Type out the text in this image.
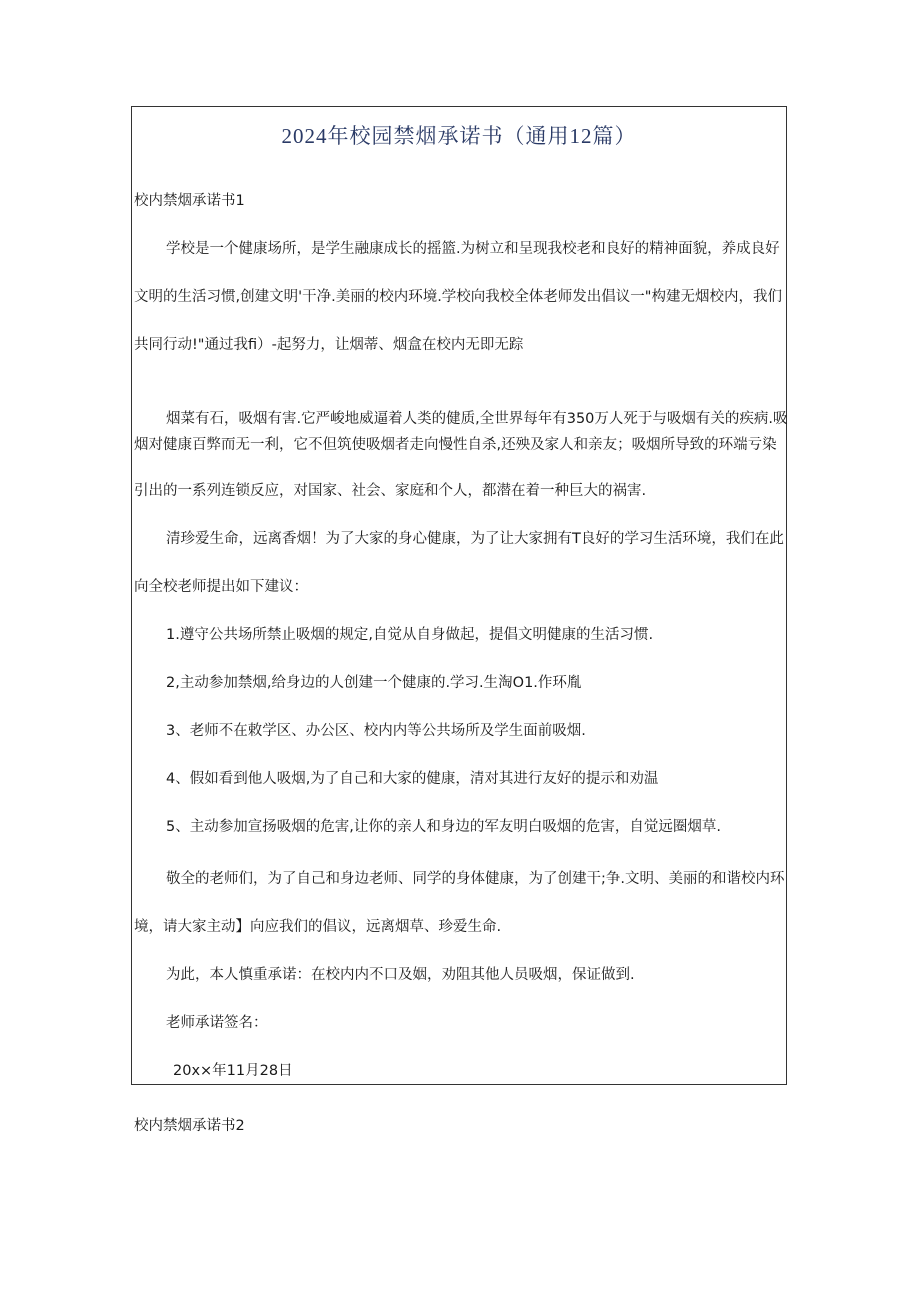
2024年校园禁烟承诺书（通用12篇）
校内禁烟承诺书1
学校是一个健康场所，是学生融康成长的摇篮.为树立和呈现我校老和良好的精神面貌，养成良好
文明的生活习惯,创建文明'干净.美丽的校内环境.学校向我校全体老师发出倡议一"构建无烟校内，我们
共同行动!"通过我fi）-起努力，让烟蒂、烟盒在校内无即无踪
烟菜有石，吸烟有害.它严峻地威逼着人类的健质,全世界每年有350万人死于与吸烟有关的疾病.吸
烟对健康百弊而无一利，它不但筑使吸烟者走向慢性自杀,还殃及家人和亲友；吸烟所导致的环端亏染
引出的一系列连锁反应，对国家、社会、家庭和个人，都潜在着一种巨大的祸害.
清珍爱生命，远离香烟！为了大家的身心健康，为了让大家拥有T良好的学习生活环境，我们在此
向全校老师提出如下建议：
1.遵守公共场所禁止吸烟的规定,自觉从自身做起，提倡文明健康的生活习惯.
2,主动参加禁烟,给身边的人创建一个健康的.学习.生淘O1.作环胤
3、老师不在敕学区、办公区、校内内等公共场所及学生面前吸烟.
4、假如看到他人吸烟,为了自己和大家的健康，清对其进行友好的提示和劝温
5、主动参加宣扬吸烟的危害,让你的亲人和身边的军友明白吸烟的危害，自觉远圈烟草.
敬全的老师们，为了自己和身边老师、同学的身体健康，为了创建干;争.文明、美丽的和谐校内环
境，请大家主动】向应我们的倡议，远离烟草、珍爱生命.
为此，本人慎重承诺：在校内内不口及姻，劝阻其他人员吸烟，保证做到.
老师承诺签名：
20x×年11月28日
校内禁烟承诺书2
